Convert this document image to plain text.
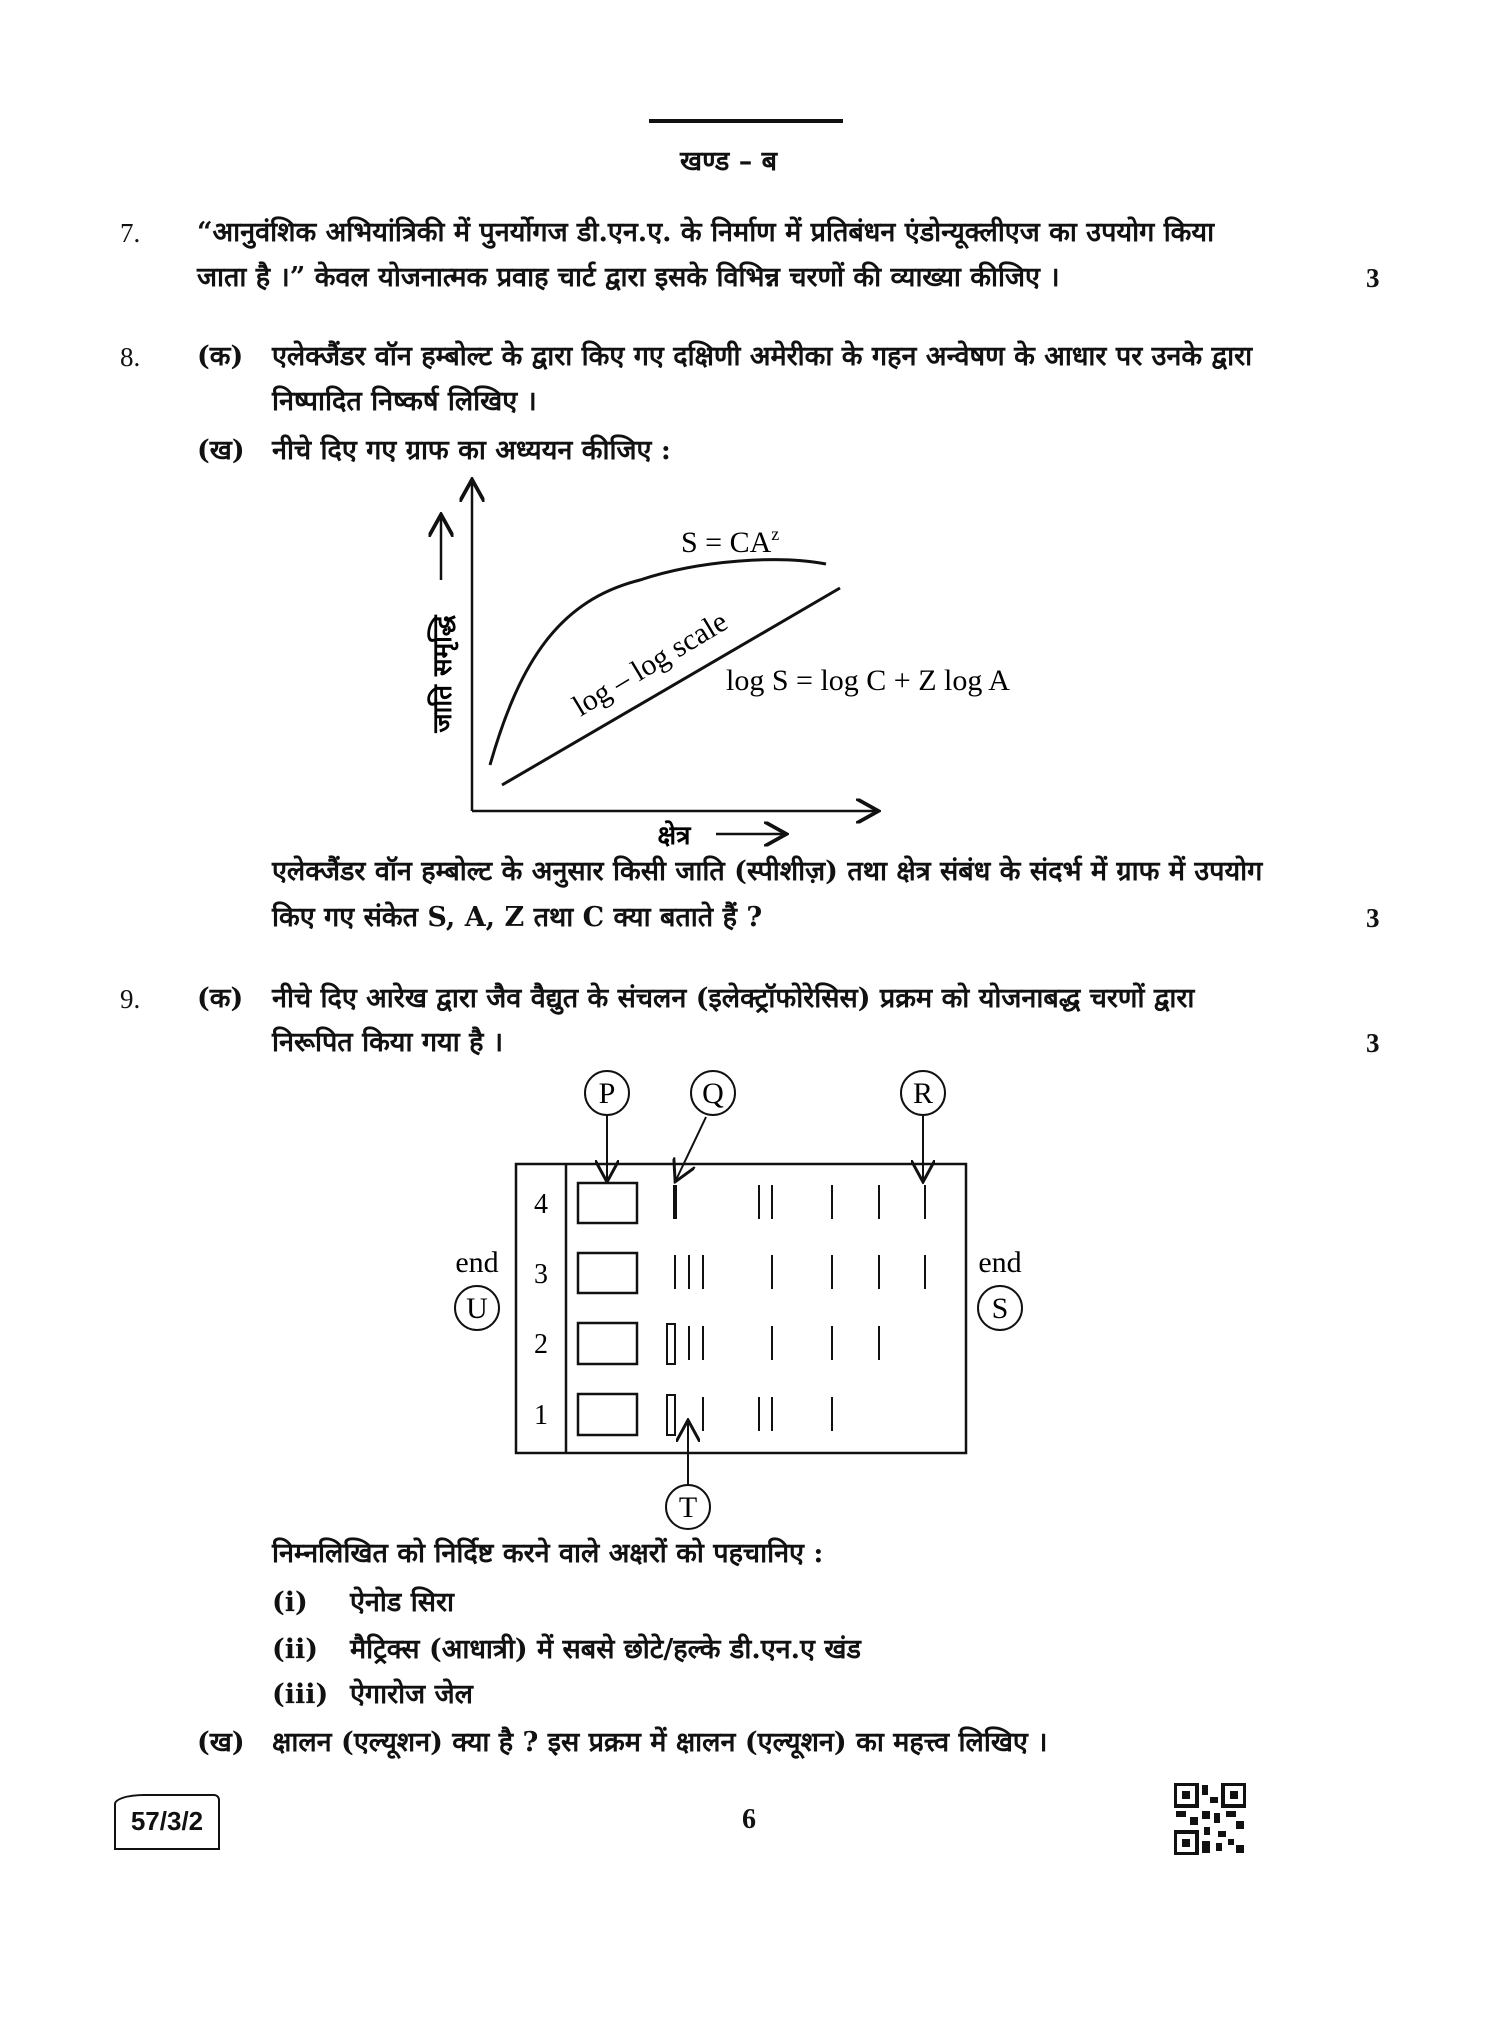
खण्ड – ब
7. “आनुवंशिक अभियांत्रिकी में पुनर्योगज डी.एन.ए. के निर्माण में प्रतिबंधन एंडोन्यूक्लीएज का उपयोग किया
जाता है ।” केवल योजनात्मक प्रवाह चार्ट द्वारा इसके विभिन्न चरणों की व्याख्या कीजिए ।	3
8. (क) एलेक्जैंडर वॉन हम्बोल्ट के द्वारा किए गए दक्षिणी अमेरीका के गहन अन्वेषण के आधार पर उनके द्वारा
निष्पादित निष्कर्ष लिखिए ।
(ख) नीचे दिए गए ग्राफ का अध्ययन कीजिए :
$S = CA^z$
log – log scale
log S = log C + Z log A
जाति समृद्धि
क्षेत्र
एलेक्जैंडर वॉन हम्बोल्ट के अनुसार किसी जाति (स्पीशीज़) तथा क्षेत्र संबंध के संदर्भ में ग्राफ में उपयोग
किए गए संकेत S, A, Z तथा C क्या बताते हैं ?	3
9. (क) नीचे दिए आरेख द्वारा जैव वैद्युत के संचलन (इलेक्ट्रॉफोरेसिस) प्रक्रम को योजनाबद्ध चरणों द्वारा
निरूपित किया गया है ।	3
4
3
2
1
P	Q	R
U	S
T
end	end
निम्नलिखित को निर्दिष्ट करने वाले अक्षरों को पहचानिए :
(i) ऐनोड सिरा
(ii) मैट्रिक्स (आधात्री) में सबसे छोटे/हल्के डी.एन.ए खंड
(iii) ऐगारोज जेल
(ख) क्षालन (एल्यूशन) क्या है ? इस प्रक्रम में क्षालन (एल्यूशन) का महत्त्व लिखिए ।
57/3/2	6
